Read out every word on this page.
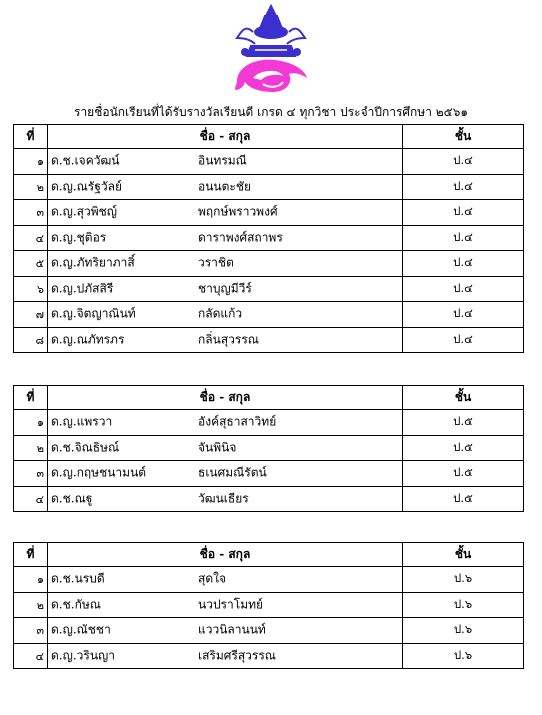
รายชื่อนักเรียนที่ได้รับรางวัลเรียนดี เกรด ๔ ทุกวิชา ประจำปีการศึกษา ๒๕๖๑
ที่	ชื่อ - สกุล	ชั้น
๑	ด.ช.เจควัฒน์ อินทรมณี	ป.๔
๒	ด.ญ.ณรัฐวัลย์ อนนตะชัย	ป.๔
๓	ด.ญ.สุวพิชญ์ พฤกษ์พราวพงศ์	ป.๔
๔	ด.ญ.ชุติอร ดาราพงศ์สถาพร	ป.๔
๕	ด.ญ.ภัทริยาภาสิ์ วราชิต	ป.๔
๖	ด.ญ.ปภัสสิรี ชาบุญมีวีร์	ป.๔
๗	ด.ญ.จิตญาณินท์ กลัดแก้ว	ป.๔
๘	ด.ญ.ณภัทรภร กลิ่นสุวรรณ	ป.๔
ที่	ชื่อ - สกุล	ชั้น
๑	ด.ญ.แพรวา อังค์สุธาสาวิทย์	ป.๕
๒	ด.ช.จิณธิษณ์ จันพินิจ	ป.๕
๓	ด.ญ.กฤษชนามนต์ ธเนศมณีรัตน์	ป.๕
๔	ด.ช.ณฐู วัฒนเธียร	ป.๕
ที่	ชื่อ - สกุล	ชั้น
๑	ด.ช.นรบดี สุดใจ	ป.๖
๒	ด.ช.กัษณ นวปราโมทย์	ป.๖
๓	ด.ญ.ณัชชา แววนิลานนท์	ป.๖
๔	ด.ญ.วรินญา เสริมศรีสุวรรณ	ป.๖
